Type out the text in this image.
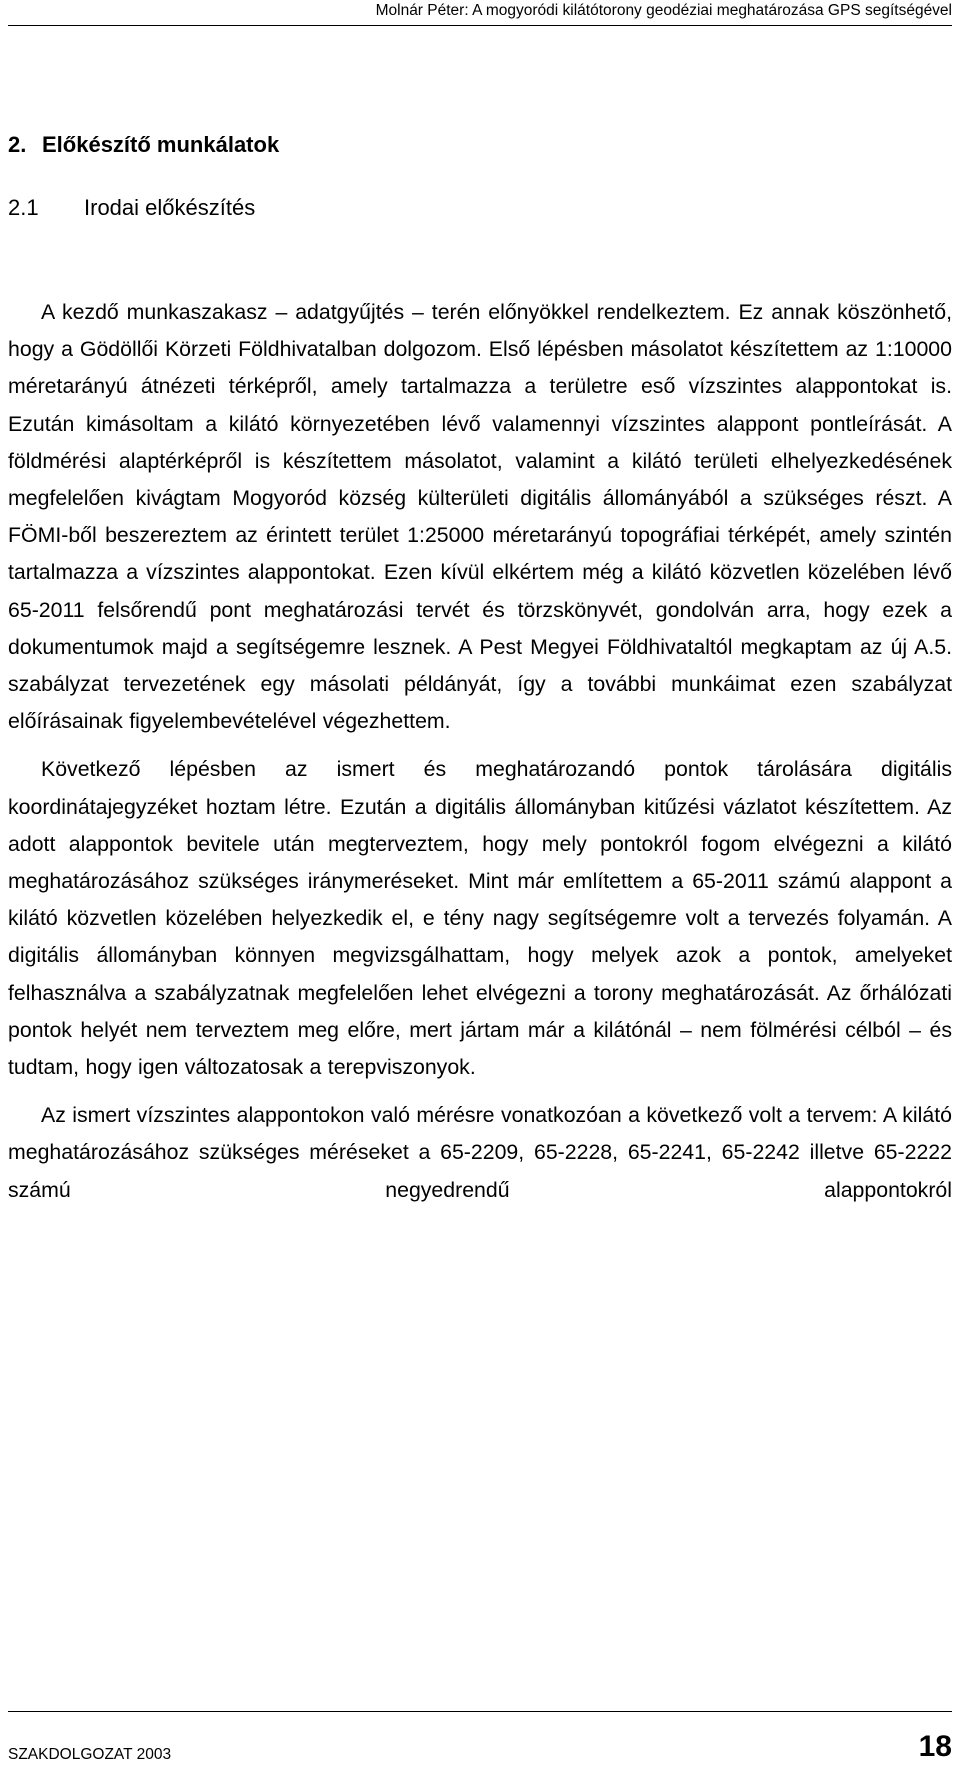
Molnár Péter: A mogyoródi kilátótorony geodéziai meghatározása GPS segítségével
2. Előkészítő munkálatok
2.1 Irodai előkészítés

A kezdő munkaszakasz – adatgyűjtés – terén előnyökkel rendelkeztem. Ez annak köszönhető, hogy a Gödöllői Körzeti Földhivatalban dolgozom. Első lépésben másolatot készítettem az 1:10000 méretarányú átnézeti térképről, amely tartalmazza a területre eső vízszintes alappontokat is. Ezután kimásoltam a kilátó környezetében lévő valamennyi vízszintes alappont pontleírását. A földmérési alaptérképről is készítettem másolatot, valamint a kilátó területi elhelyezkedésének megfelelően kivágtam Mogyoród község külterületi digitális állományából a szükséges részt. A FÖMI-ből beszereztem az érintett terület 1:25000 méretarányú topográfiai térképét, amely szintén tartalmazza a vízszintes alappontokat. Ezen kívül elkértem még a kilátó közvetlen közelében lévő 65-2011 felsőrendű pont meghatározási tervét és törzskönyvét, gondolván arra, hogy ezek a dokumentumok majd a segítségemre lesznek. A Pest Megyei Földhivataltól megkaptam az új A.5. szabályzat tervezetének egy másolati példányát, így a további munkáimat ezen szabályzat előírásainak figyelembevételével végezhettem.

Következő lépésben az ismert és meghatározandó pontok tárolására digitális koordinátajegyzéket hoztam létre. Ezután a digitális állományban kitűzési vázlatot készítettem. Az adott alappontok bevitele után megterveztem, hogy mely pontokról fogom elvégezni a kilátó meghatározásához szükséges iránymeréseket. Mint már említettem a 65-2011 számú alappont a kilátó közvetlen közelében helyezkedik el, e tény nagy segítségemre volt a tervezés folyamán. A digitális állományban könnyen megvizsgálhattam, hogy melyek azok a pontok, amelyeket felhasználva a szabályzatnak megfelelően lehet elvégezni a torony meghatározását. Az őrhálózati pontok helyét nem terveztem meg előre, mert jártam már a kilátónál – nem fölmérési célból – és tudtam, hogy igen változatosak a terepviszonyok.

Az ismert vízszintes alappontokon való mérésre vonatkozóan a következő volt a tervem: A kilátó meghatározásához szükséges méréseket a 65-2209, 65-2228, 65-2241, 65-2242 illetve 65-2222 számú negyedrendű alappontokról

SZAKDOLGOZAT 2003	18
